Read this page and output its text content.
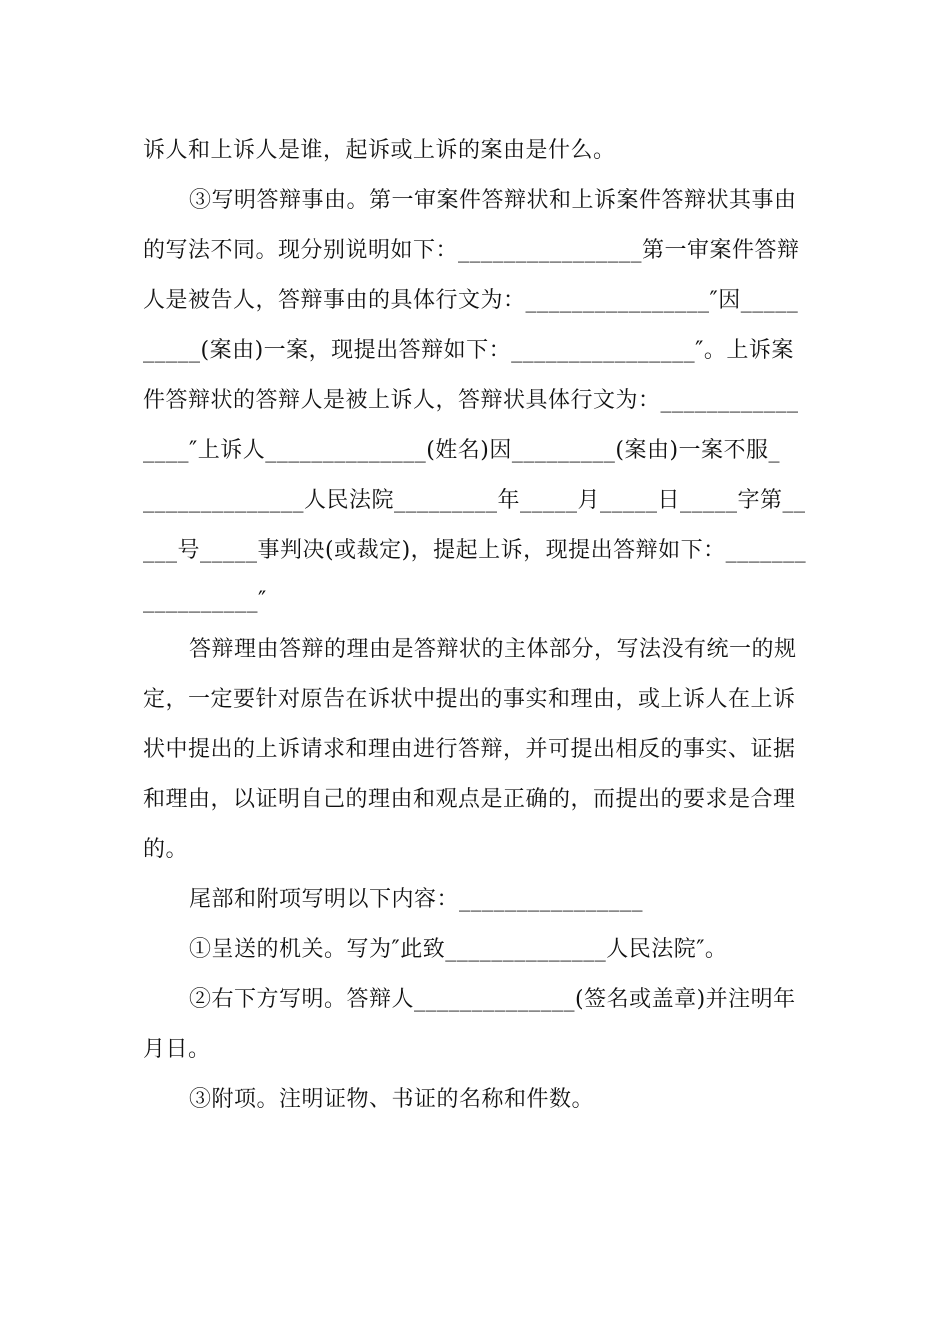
诉人和上诉人是谁，起诉或上诉的案由是什么。
③写明答辩事由。第一审案件答辩状和上诉案件答辩状其事由
的写法不同。现分别说明如下：________________第一审案件答辩
人是被告人，答辩事由的具体行文为：________________″因_____
_____(案由)一案，现提出答辩如下：________________″。上诉案
件答辩状的答辩人是被上诉人，答辩状具体行文为：____________
____″上诉人______________(姓名)因_________(案由)一案不服_
______________人民法院_________年_____月_____日_____字第__
___号_____事判决(或裁定)，提起上诉，现提出答辩如下：_______
__________″
答辩理由答辩的理由是答辩状的主体部分，写法没有统一的规
定，一定要针对原告在诉状中提出的事实和理由，或上诉人在上诉
状中提出的上诉请求和理由进行答辩，并可提出相反的事实、证据
和理由，以证明自己的理由和观点是正确的，而提出的要求是合理
的。
尾部和附项写明以下内容：________________
①呈送的机关。写为″此致______________人民法院″。
②右下方写明。答辩人______________(签名或盖章)并注明年
月日。
③附项。注明证物、书证的名称和件数。
